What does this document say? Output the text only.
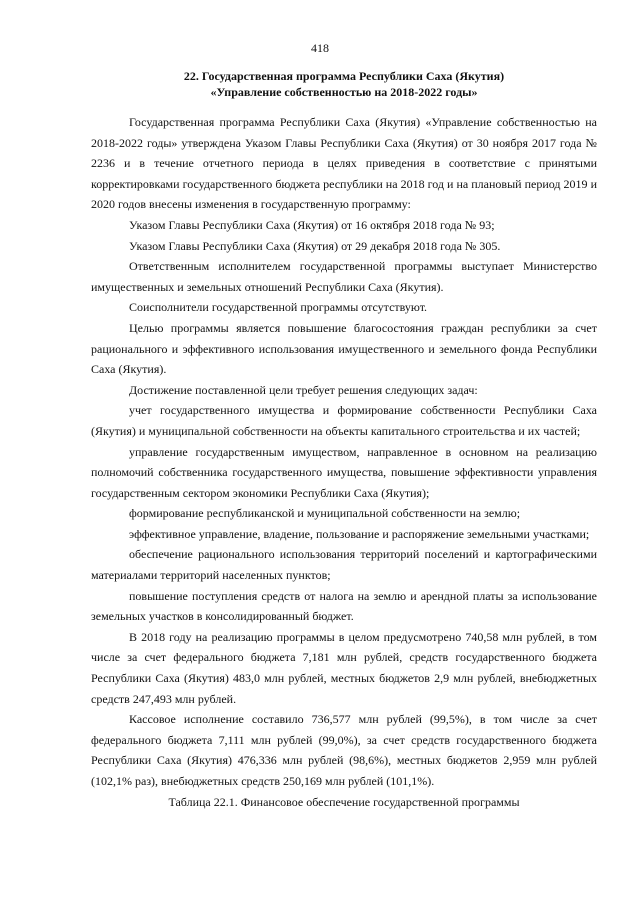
418
22. Государственная программа Республики Саха (Якутия)
«Управление собственностью на 2018-2022 годы»

Государственная программа Республики Саха (Якутия) «Управление собственностью на 2018-2022 годы» утверждена Указом Главы Республики Саха (Якутия) от 30 ноября 2017 года № 2236 и в течение отчетного периода в целях приведения в соответствие с принятыми корректировками государственного бюджета республики на 2018 год и на плановый период 2019 и 2020 годов внесены изменения в государственную программу:

Указом Главы Республики Саха (Якутия) от 16 октября 2018 года № 93;

Указом Главы Республики Саха (Якутия) от 29 декабря 2018 года № 305.

Ответственным исполнителем государственной программы выступает Министерство имущественных и земельных отношений Республики Саха (Якутия).

Соисполнители государственной программы отсутствуют.

Целью программы является повышение благосостояния граждан республики за счет рационального и эффективного использования имущественного и земельного фонда Республики Саха (Якутия).

Достижение поставленной цели требует решения следующих задач:

учет государственного имущества и формирование собственности Республики Саха (Якутия) и муниципальной собственности на объекты капитального строительства и их частей;

управление государственным имуществом, направленное в основном на реализацию полномочий собственника государственного имущества, повышение эффективности управления государственным сектором экономики Республики Саха (Якутия);

формирование республиканской и муниципальной собственности на землю;

эффективное управление, владение, пользование и распоряжение земельными участками;

обеспечение рационального использования территорий поселений и картографическими материалами территорий населенных пунктов;

повышение поступления средств от налога на землю и арендной платы за использование земельных участков в консолидированный бюджет.

В 2018 году на реализацию программы в целом предусмотрено 740,58 млн рублей, в том числе за счет федерального бюджета 7,181 млн рублей, средств государственного бюджета Республики Саха (Якутия) 483,0 млн рублей, местных бюджетов 2,9 млн рублей, внебюджетных средств 247,493 млн рублей.

Кассовое исполнение составило 736,577 млн рублей (99,5%), в том числе за счет федерального бюджета 7,111 млн рублей (99,0%), за счет средств государственного бюджета Республики Саха (Якутия) 476,336 млн рублей (98,6%), местных бюджетов 2,959 млн рублей (102,1% раз), внебюджетных средств 250,169 млн рублей (101,1%).

Таблица 22.1. Финансовое обеспечение государственной программы
